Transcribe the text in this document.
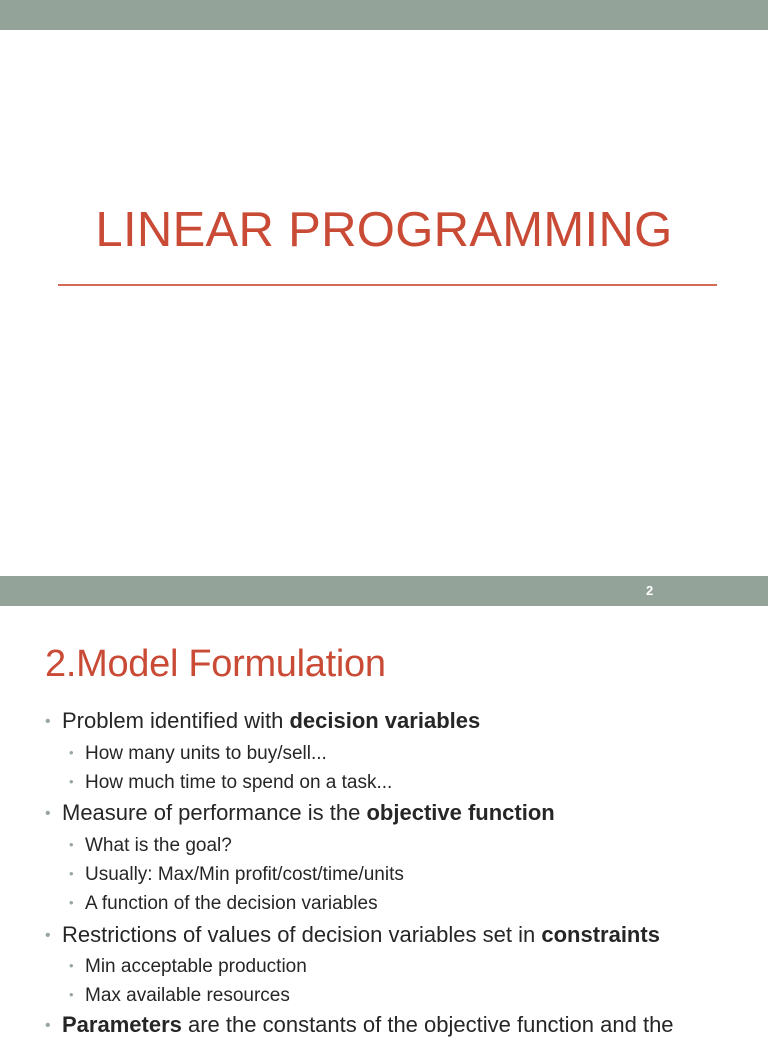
LINEAR PROGRAMMING
2
2.Model Formulation
• Problem identified with decision variables
• How many units to buy/sell...
• How much time to spend on a task...
• Measure of performance is the objective function
• What is the goal?
• Usually: Max/Min profit/cost/time/units
• A function of the decision variables
• Restrictions of values of decision variables set in constraints
• Min acceptable production
• Max available resources
• Parameters are the constants of the objective function and the
